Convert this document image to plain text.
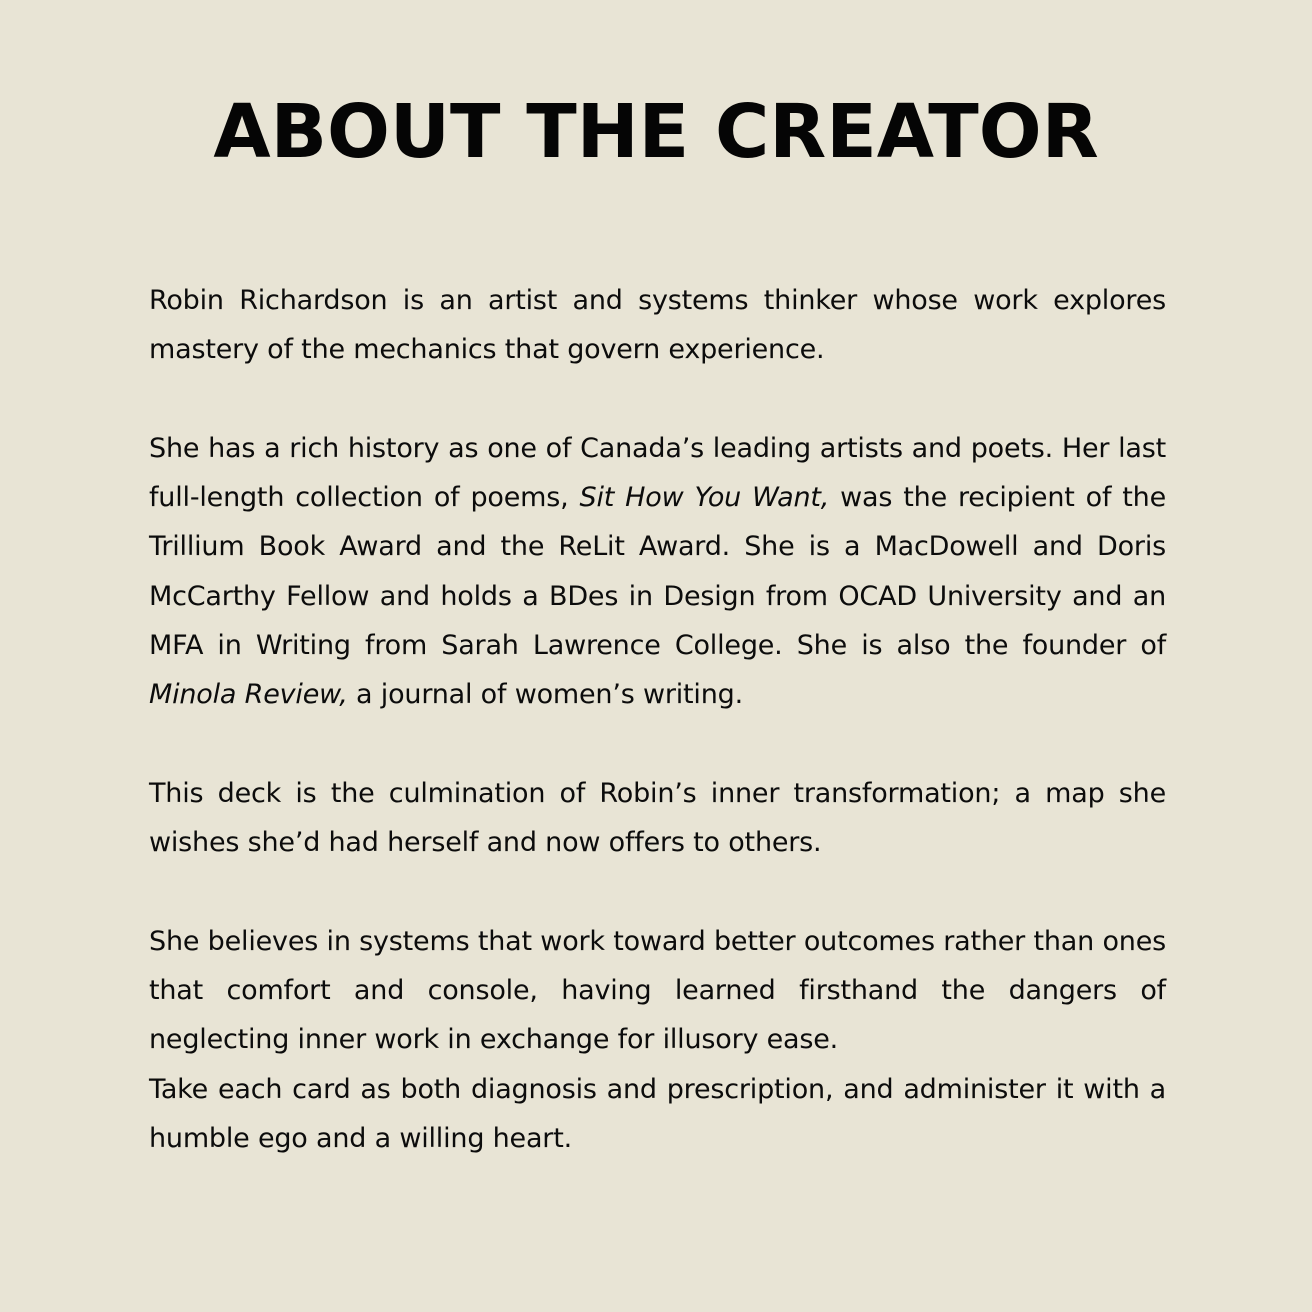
ABOUT THE CREATOR

Robin Richardson is an artist and systems thinker whose work explores mastery of the mechanics that govern experience.

She has a rich history as one of Canada’s leading artists and poets. Her last full-length collection of poems, Sit How You Want, was the recipient of the Trillium Book Award and the ReLit Award. She is a MacDowell and Doris McCarthy Fellow and holds a BDes in Design from OCAD University and an MFA in Writing from Sarah Lawrence College. She is also the founder of Minola Review, a journal of women’s writing.

This deck is the culmination of Robin’s inner transformation; a map she wishes she’d had herself and now offers to others.

She believes in systems that work toward better outcomes rather than ones that comfort and console, having learned firsthand the dangers of neglecting inner work in exchange for illusory ease.

Take each card as both diagnosis and prescription, and administer it with a humble ego and a willing heart.
